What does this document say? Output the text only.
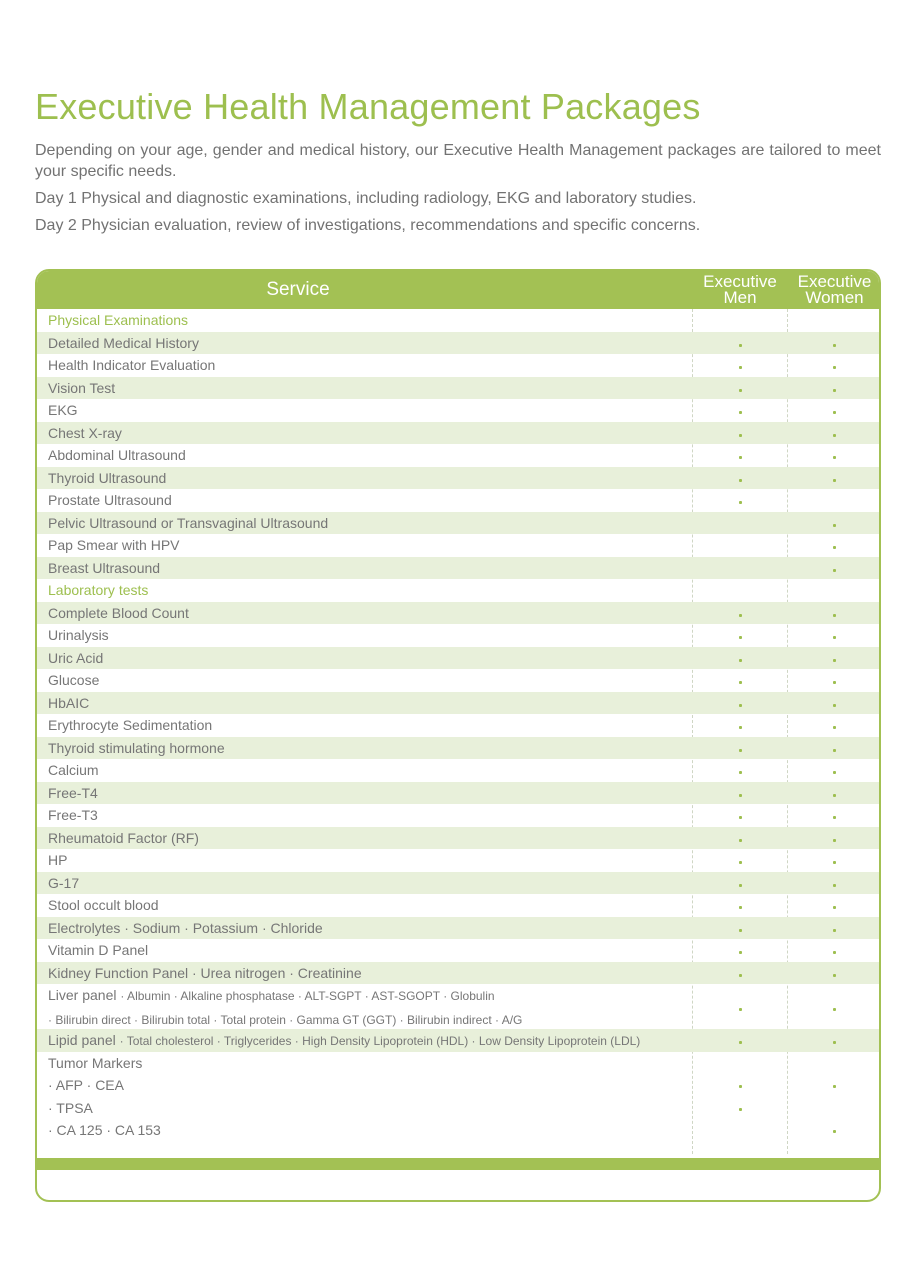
Executive Health Management Packages

Depending on your age, gender and medical history, our Executive Health Management packages are tailored to meet your specific needs.

Day 1 Physical and diagnostic examinations, including radiology, EKG and laboratory studies.

Day 2 Physician evaluation, review of investigations, recommendations and specific concerns.

Service	Executive Men
Executive Women
Physical Examinations
Detailed Medical History
Health Indicator Evaluation
Vision Test
EKG
Chest X-ray
Abdominal Ultrasound
Thyroid Ultrasound
Prostate Ultrasound
Pelvic Ultrasound or Transvaginal Ultrasound
Pap Smear with HPV
Breast Ultrasound
Laboratory tests
Complete Blood Count
Urinalysis
Uric Acid
Glucose
HbAIC
Erythrocyte Sedimentation
Thyroid stimulating hormone
Calcium
Free-T4
Free-T3
Rheumatoid Factor (RF)
HP
G-17
Stool occult blood
Electrolytes · Sodium · Potassium · Chloride
Vitamin D Panel
Kidney Function Panel · Urea nitrogen · Creatinine
Liver panel · Albumin · Alkaline phosphatase · ALT-SGPT · AST-SGOPT · Globulin
· Bilirubin direct · Bilirubin total · Total protein · Gamma GT (GGT) · Bilirubin indirect · A/G
Lipid panel · Total cholesterol · Triglycerides · High Density Lipoprotein (HDL) · Low Density Lipoprotein (LDL)
Tumor Markers
· AFP · CEA
· TPSA
· CA 125 · CA 153
